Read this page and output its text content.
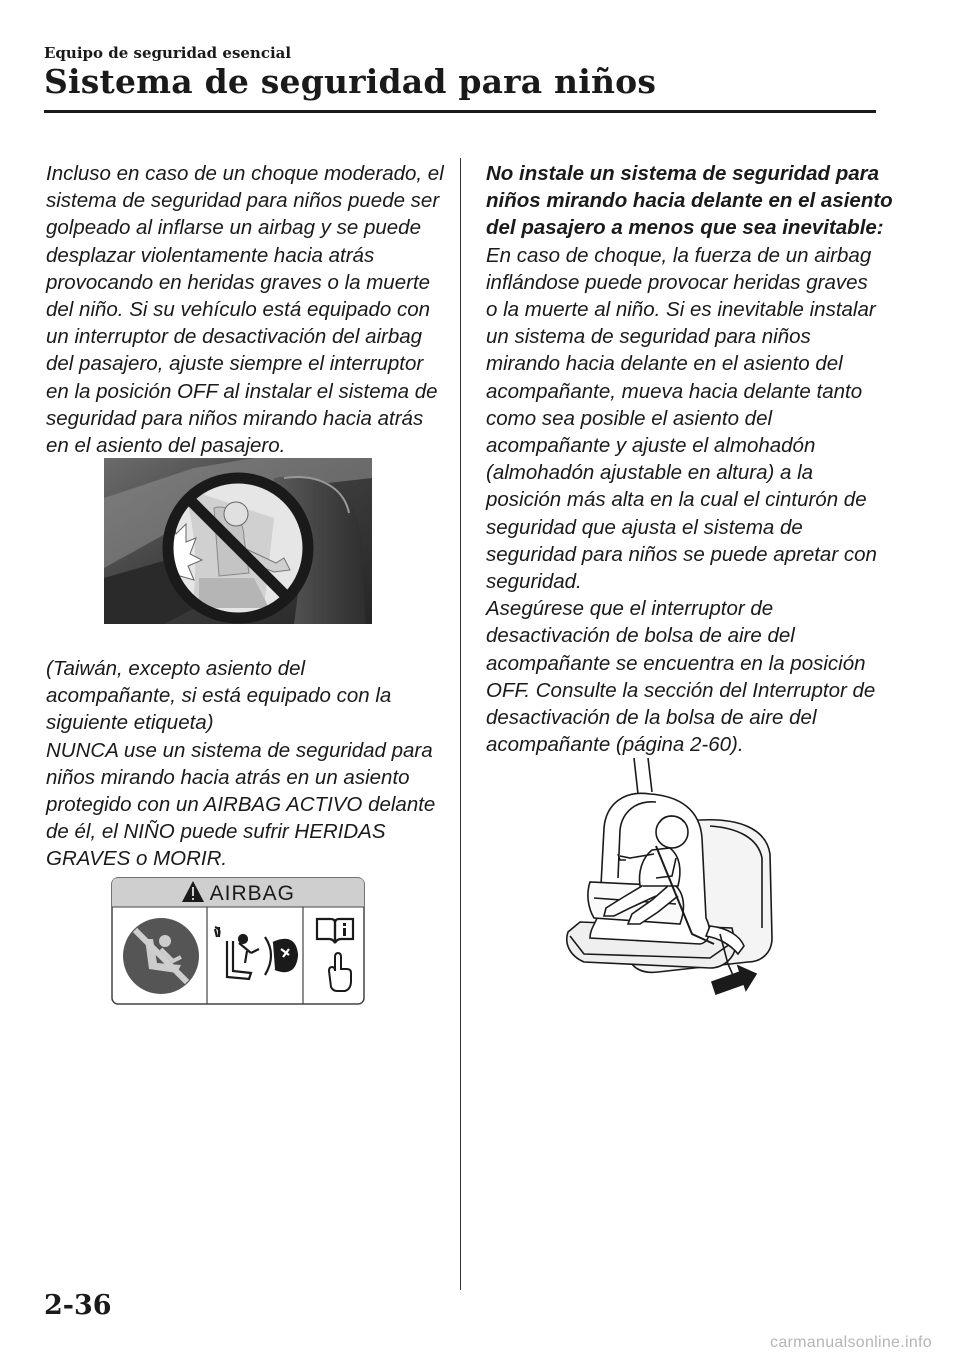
Equipo de seguridad esencial
Sistema de seguridad para niños

Incluso en caso de un choque moderado, el
sistema de seguridad para niños puede ser
golpeado al inflarse un airbag y se puede
desplazar violentamente hacia atrás
provocando en heridas graves o la muerte
del niño. Si su vehículo está equipado con
un interruptor de desactivación del airbag
del pasajero, ajuste siempre el interruptor
en la posición OFF al instalar el sistema de
seguridad para niños mirando hacia atrás
en el asiento del pasajero.

(Taiwán, excepto asiento del
acompañante, si está equipado con la
siguiente etiqueta)
NUNCA use un sistema de seguridad para
niños mirando hacia atrás en un asiento
protegido con un AIRBAG ACTIVO delante
de él, el NIÑO puede sufrir HERIDAS
GRAVES o MORIR.

AIRBAG

No instale un sistema de seguridad para
niños mirando hacia delante en el asiento
del pasajero a menos que sea inevitable:

En caso de choque, la fuerza de un airbag
inflándose puede provocar heridas graves
o la muerte al niño. Si es inevitable instalar
un sistema de seguridad para niños
mirando hacia delante en el asiento del
acompañante, mueva hacia delante tanto
como sea posible el asiento del
acompañante y ajuste el almohadón
(almohadón ajustable en altura) a la
posición más alta en la cual el cinturón de
seguridad que ajusta el sistema de
seguridad para niños se puede apretar con
seguridad.
Asegúrese que el interruptor de
desactivación de bolsa de aire del
acompañante se encuentra en la posición
OFF. Consulte la sección del Interruptor de
desactivación de la bolsa de aire del
acompañante (página 2-60).

2-36
carmanualsonline.info
